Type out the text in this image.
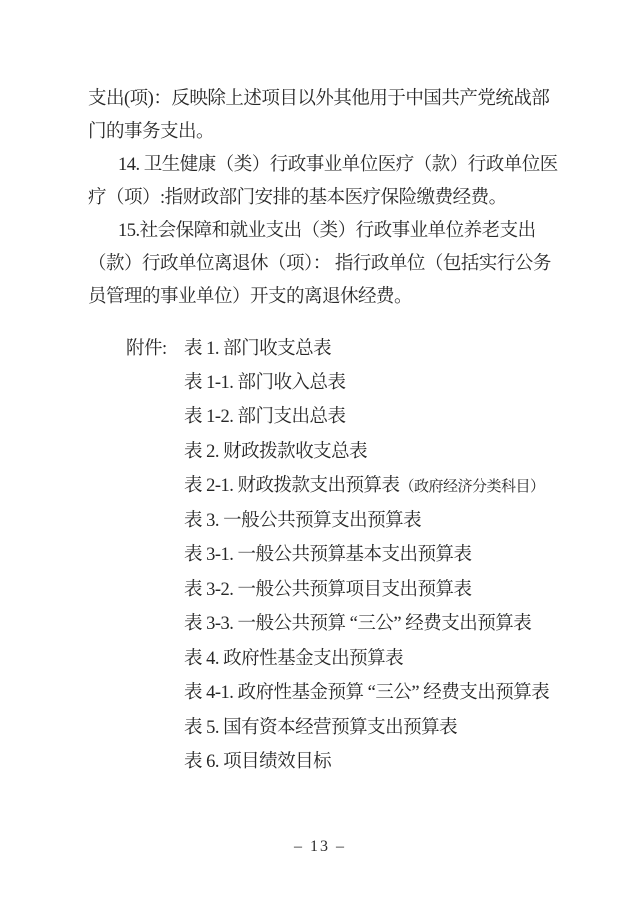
支出(项)：反映除上述项目以外其他用于中国共产党统战部
门的事务支出。
14. 卫生健康（类）行政事业单位医疗（款）行政单位医
疗（项）:指财政部门安排的基本医疗保险缴费经费。
15.社会保障和就业支出（类）行政事业单位养老支出
（款）行政单位离退休（项）： 指行政单位（包括实行公务
员管理的事业单位）开支的离退休经费。
附件: 表 1. 部门收支总表
表 1-1. 部门收入总表
表 1-2. 部门支出总表
表 2. 财政拨款收支总表
表 2-1. 财政拨款支出预算表（政府经济分类科目）
表 3. 一般公共预算支出预算表
表 3-1. 一般公共预算基本支出预算表
表 3-2. 一般公共预算项目支出预算表
表 3-3. 一般公共预算 “三公” 经费支出预算表
表 4. 政府性基金支出预算表
表 4-1. 政府性基金预算 “三公” 经费支出预算表
表 5. 国有资本经营预算支出预算表
表 6. 项目绩效目标
– 13 –
